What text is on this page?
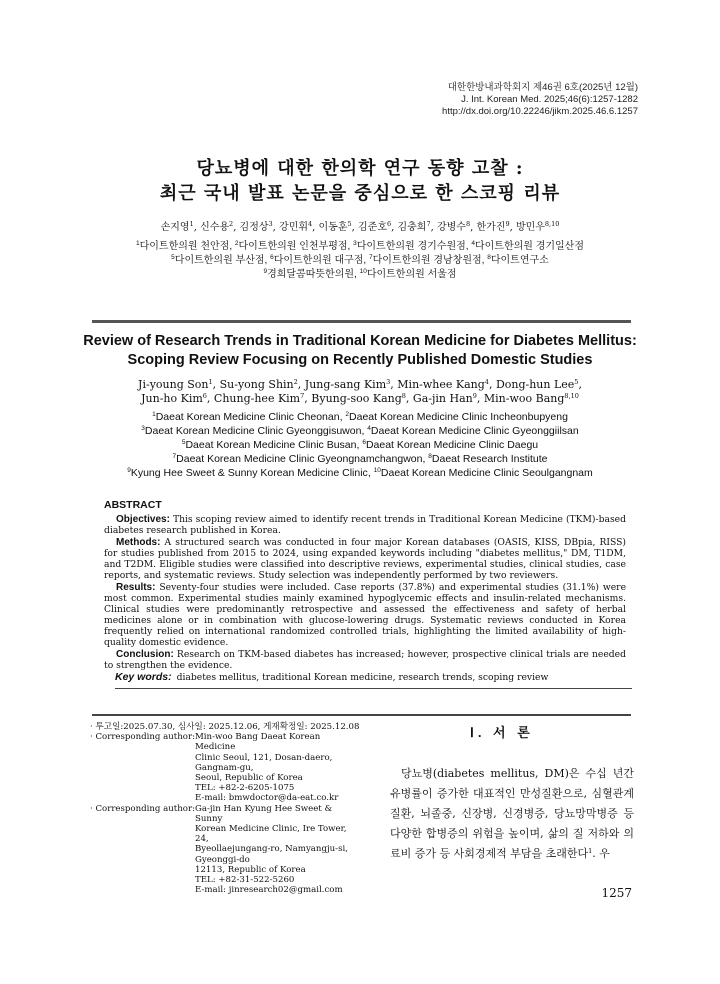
대한한방내과학회지 제46권 6호(2025년 12월)
J. Int. Korean Med. 2025;46(6):1257-1282
http://dx.doi.org/10.22246/jikm.2025.46.6.1257
당뇨병에 대한 한의학 연구 동향 고찰 :
최근 국내 발표 논문을 중심으로 한 스코핑 리뷰
손지영$^1$, 신수용$^2$, 김정상$^3$, 강민휘$^4$, 이동훈$^5$, 김준호$^6$, 김충희$^7$, 강병수$^8$, 한가진$^9$, 방민우$^{8,10}$
$^1$다이트한의원 천안점, $^2$다이트한의원 인천부평점, $^3$다이트한의원 경기수원점, $^4$다이트한의원 경기일산점
$^5$다이트한의원 부산점, $^6$다이트한의원 대구점, $^7$다이트한의원 경남창원점, $^8$다이트연구소
$^9$경희달콤따뜻한의원, $^{10}$다이트한의원 서울점
Review of Research Trends in Traditional Korean Medicine for Diabetes Mellitus:
Scoping Review Focusing on Recently Published Domestic Studies
Ji-young Son$^1$, Su-yong Shin$^2$, Jung-sang Kim$^3$, Min-whee Kang$^4$, Dong-hun Lee$^5$,
Jun-ho Kim$^6$, Chung-hee Kim$^7$, Byung-soo Kang$^8$, Ga-jin Han$^9$, Min-woo Bang$^{8,10}$
$^1$Daeat Korean Medicine Clinic Cheonan, $^2$Daeat Korean Medicine Clinic Incheonbupyeng
$^3$Daeat Korean Medicine Clinic Gyeonggisuwon, $^4$Daeat Korean Medicine Clinic Gyeonggiilsan
$^5$Daeat Korean Medicine Clinic Busan, $^6$Daeat Korean Medicine Clinic Daegu
$^7$Daeat Korean Medicine Clinic Gyeongnamchangwon, $^8$Daeat Research Institute
$^9$Kyung Hee Sweet & Sunny Korean Medicine Clinic, $^{10}$Daeat Korean Medicine Clinic Seoulgangnam
ABSTRACT

Objectives: This scoping review aimed to identify recent trends in Traditional Korean Medicine (TKM)-based diabetes research published in Korea.

Methods: A structured search was conducted in four major Korean databases (OASIS, KISS, DBpia, RISS) for studies published from 2015 to 2024, using expanded keywords including "diabetes mellitus," DM, T1DM, and T2DM. Eligible studies were classified into descriptive reviews, experimental studies, clinical studies, case reports, and systematic reviews. Study selection was independently performed by two reviewers.

Results: Seventy-four studies were included. Case reports (37.8%) and experimental studies (31.1%) were most common. Experimental studies mainly examined hypoglycemic effects and insulin-related mechanisms. Clinical studies were predominantly retrospective and assessed the effectiveness and safety of herbal medicines alone or in combination with glucose-lowering drugs. Systematic reviews conducted in Korea frequently relied on international randomized controlled trials, highlighting the limited availability of high-quality domestic evidence.

Conclusion: Research on TKM-based diabetes has increased; however, prospective clinical trials are needed to strengthen the evidence.

Key words: diabetes mellitus, traditional Korean medicine, research trends, scoping review
· 투고일: 2025.07.30, 심사일: 2025.12.06, 게재확정일: 2025.12.08
· Corresponding author: Min-woo Bang Daeat Korean Medicine
Clinic Seoul, 121, Dosan-daero, Gangnam-gu,
Seoul, Republic of Korea
TEL: +82-2-6205-1075
E-mail: bmwdoctor@da-eat.co.kr
· Corresponding author: Ga-jin Han Kyung Hee Sweet & Sunny
Korean Medicine Clinic, Ire Tower, 24,
Byeollaejungang-ro, Namyangju-si, Gyeonggi-do
12113, Republic of Korea
TEL: +82-31-522-5260
E-mail: jinresearch02@gmail.com
Ⅰ. 서 론
 당뇨병(diabetes mellitus, DM)은 수십 년간 유병률이 증가한 대표적인 만성질환으로, 심혈관계 질환, 뇌졸중, 신장병, 신경병증, 당뇨망막병증 등 다양한 합병증의 위험을 높이며, 삶의 질 저하와 의료비 증가 등 사회경제적 부담을 초래한다$^1$. 우
1257
